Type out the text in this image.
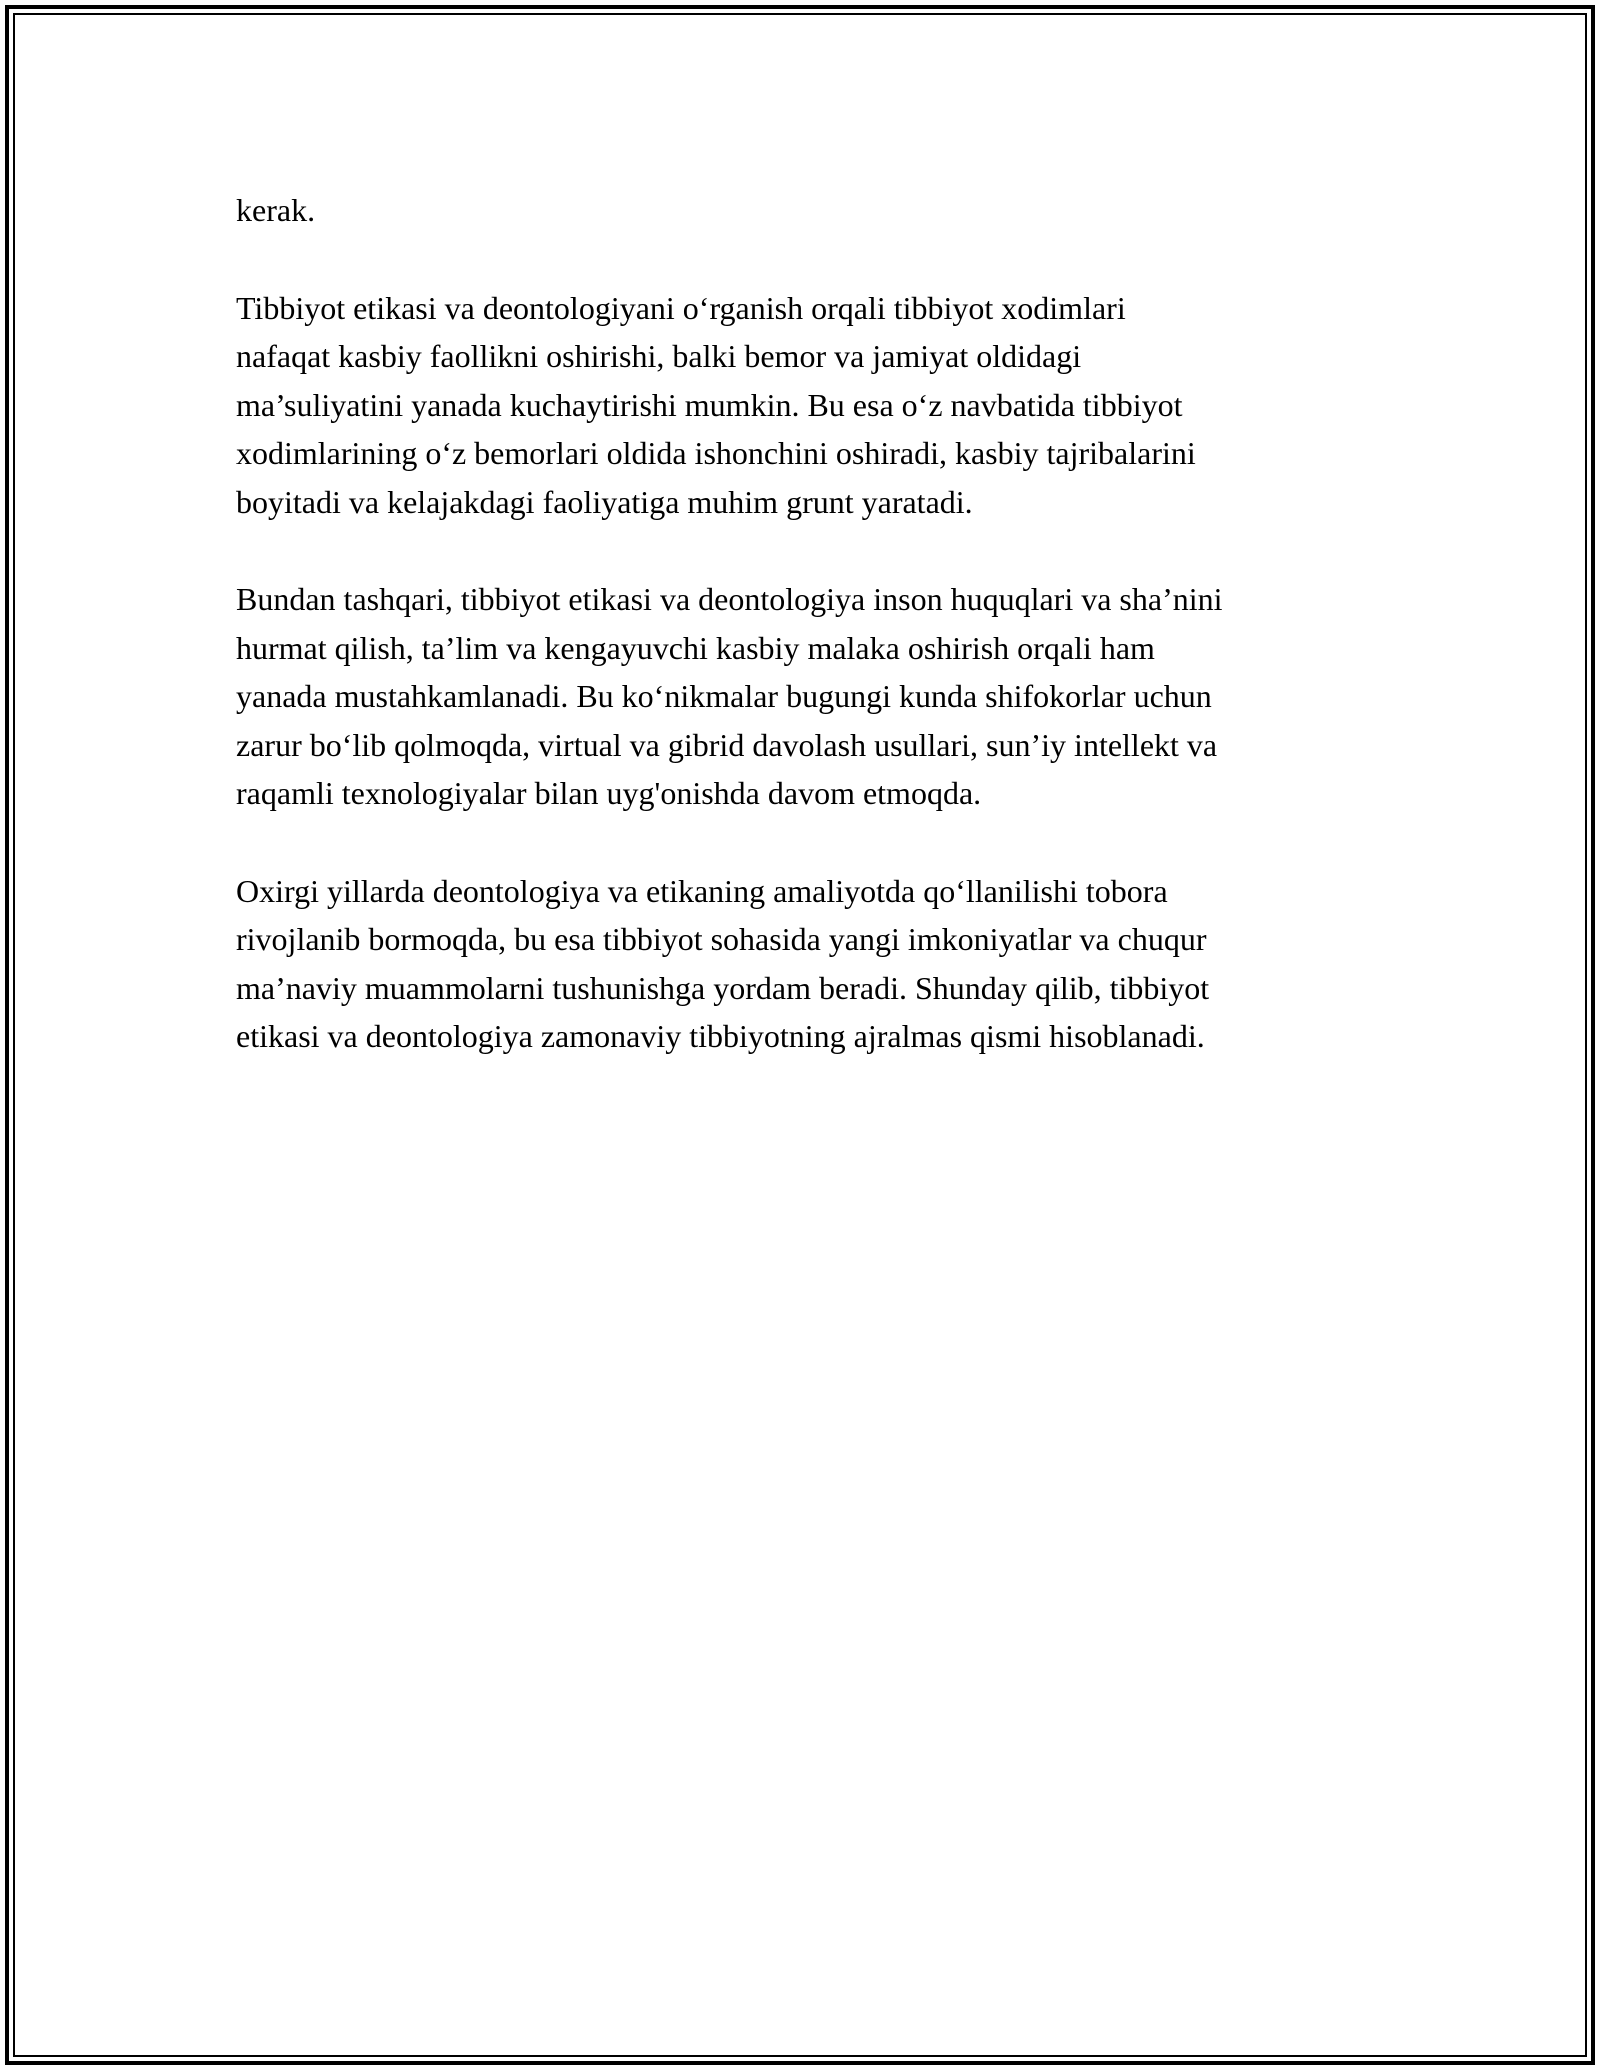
kerak.

Tibbiyot etikasi va deontologiyani o‘rganish orqali tibbiyot xodimlari
nafaqat kasbiy faollikni oshirishi, balki bemor va jamiyat oldidagi
ma’suliyatini yanada kuchaytirishi mumkin. Bu esa o‘z navbatida tibbiyot
xodimlarining o‘z bemorlari oldida ishonchini oshiradi, kasbiy tajribalarini
boyitadi va kelajakdagi faoliyatiga muhim grunt yaratadi.

Bundan tashqari, tibbiyot etikasi va deontologiya inson huquqlari va sha’nini
hurmat qilish, ta’lim va kengayuvchi kasbiy malaka oshirish orqali ham
yanada mustahkamlanadi. Bu ko‘nikmalar bugungi kunda shifokorlar uchun
zarur bo‘lib qolmoqda, virtual va gibrid davolash usullari, sun’iy intellekt va
raqamli texnologiyalar bilan uyg'onishda davom etmoqda.

Oxirgi yillarda deontologiya va etikaning amaliyotda qo‘llanilishi tobora
rivojlanib bormoqda, bu esa tibbiyot sohasida yangi imkoniyatlar va chuqur
ma’naviy muammolarni tushunishga yordam beradi. Shunday qilib, tibbiyot
etikasi va deontologiya zamonaviy tibbiyotning ajralmas qismi hisoblanadi.
